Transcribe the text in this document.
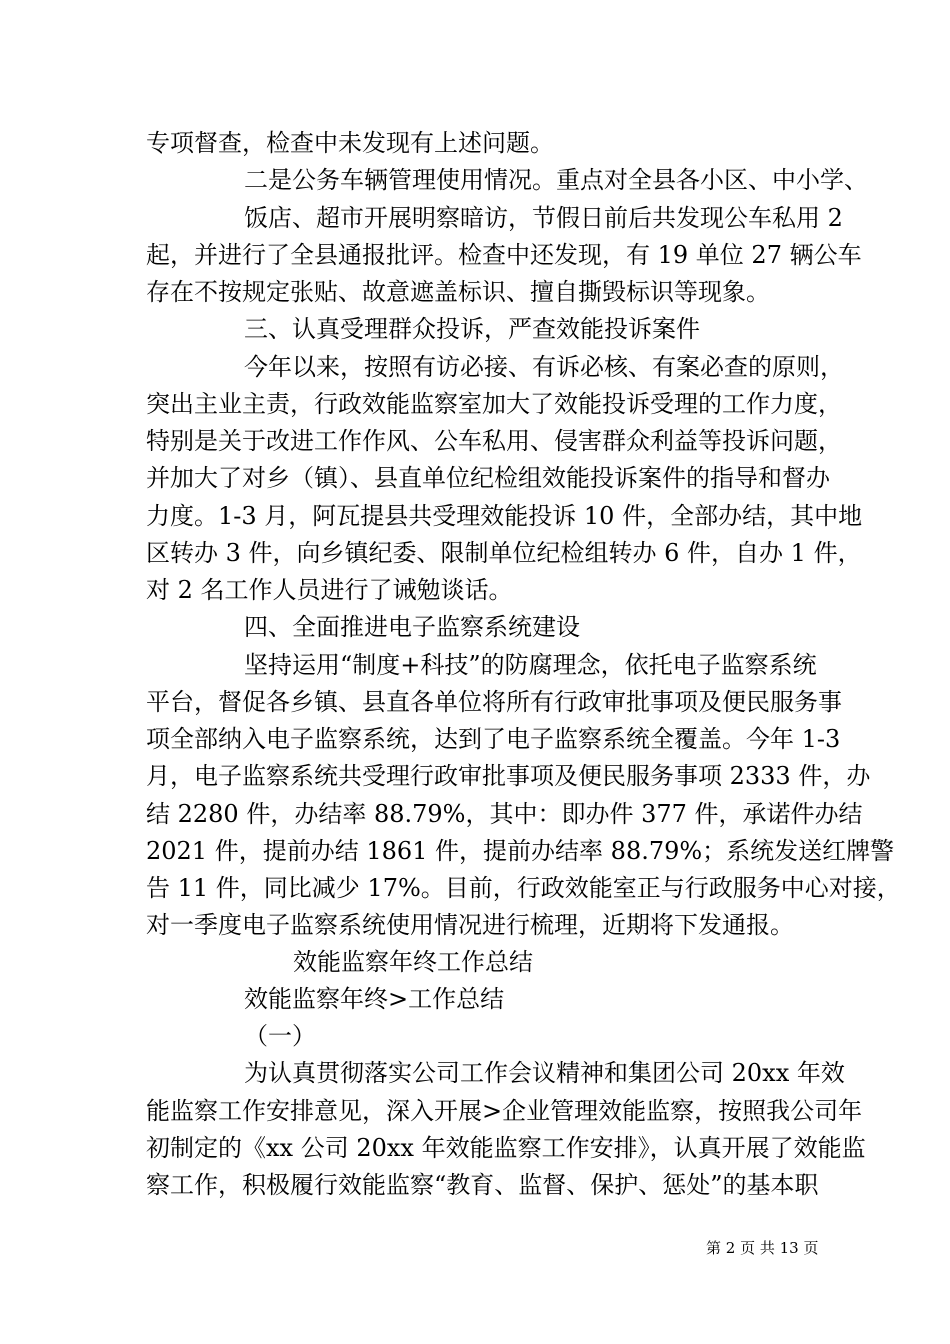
专项督查，检查中未发现有上述问题。
二是公务车辆管理使用情况。重点对全县各小区、中小学、
饭店、超市开展明察暗访，节假日前后共发现公车私用 2
起，并进行了全县通报批评。检查中还发现，有 19 单位 27 辆公车
存在不按规定张贴、故意遮盖标识、擅自撕毁标识等现象。
三、认真受理群众投诉，严查效能投诉案件
今年以来，按照有访必接、有诉必核、有案必查的原则，
突出主业主责，行政效能监察室加大了效能投诉受理的工作力度，
特别是关于改进工作作风、公车私用、侵害群众利益等投诉问题，
并加大了对乡（镇）、县直单位纪检组效能投诉案件的指导和督办
力度。1-3 月，阿瓦提县共受理效能投诉 10 件，全部办结，其中地
区转办 3 件，向乡镇纪委、限制单位纪检组转办 6 件，自办 1 件，
对 2 名工作人员进行了诫勉谈话。
四、全面推进电子监察系统建设
坚持运用“制度+科技”的防腐理念，依托电子监察系统
平台，督促各乡镇、县直各单位将所有行政审批事项及便民服务事
项全部纳入电子监察系统，达到了电子监察系统全覆盖。今年 1-3
月，电子监察系统共受理行政审批事项及便民服务事项 2333 件，办
结 2280 件，办结率 88.79%，其中：即办件 377 件，承诺件办结
2021 件，提前办结 1861 件，提前办结率 88.79%；系统发送红牌警
告 11 件，同比减少 17%。目前，行政效能室正与行政服务中心对接，
对一季度电子监察系统使用情况进行梳理，近期将下发通报。
效能监察年终工作总结
效能监察年终>工作总结
（一）
为认真贯彻落实公司工作会议精神和集团公司 20xx 年效
能监察工作安排意见，深入开展>企业管理效能监察，按照我公司年
初制定的《xx 公司 20xx 年效能监察工作安排》，认真开展了效能监
察工作，积极履行效能监察“教育、监督、保护、惩处”的基本职
第 2 页 共 13 页
